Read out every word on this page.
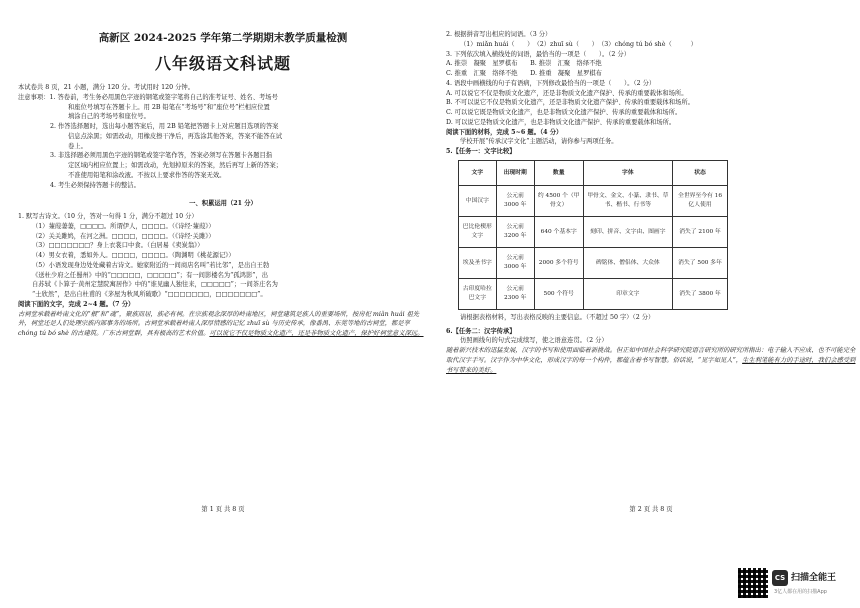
高新区 2024-2025 学年第二学期期末教学质量检测
八年级语文科试题
本试卷共 8 页，21 小题，满分 120 分。考试用时 120 分钟。
注意事项：1. 答卷前，考生务必用黑色字迹的钢笔或签字笔将自己的准考证号、姓名、考场号
和座位号填写在答题卡上。用 2B 铅笔在“考场号”和“座位号”栏相应位置
填涂自己的考场号和座位号。
2. 作答选择题时，选出每小题答案后，用 2B 铅笔把答题卡上对应题目选项的答案
信息点涂黑；如需改动，用橡皮擦干净后，再选涂其他答案，答案不能答在试
卷上。
3. 非选择题必须用黑色字迹的钢笔或签字笔作答，答案必须写在答题卡各题目指
定区域内相应位置上；如需改动，先划掉原来的答案，然后再写上新的答案；
不准使用铅笔和涂改液。不按以上要求作答的答案无效。
4. 考生必须保持答题卡的整洁。
一、积累运用（21 分）
1. 默写古诗文。（10 分，答对一句得 1 分，满分不超过 10 分）
（1）蒹葭萋萋，□□□□。所谓伊人，□□□□。（《诗经·蒹葭》）
（2）关关雎鸠，在河之洲。□□□□，□□□□。（《诗经·关雎》）
（3）□□□□□□□？身上衣裳口中食。（白居易《卖炭翁》）
（4）男女衣着，悉如外人。□□□□，□□□□。（陶渊明《桃花源记》）
（5）小语发现身边处处藏着古诗文。她家附近的一间商店名叫“若比邻”，是出自王勃
《送杜少府之任蜀州》中的“□□□□□，□□□□□”；有一间影楼名为“孤鸿影”，出
自苏轼《卜算子·黄州定慧院寓居作》中的“谁见幽人独往来，□□□□□”；一间茶庄名为
“士欣然”，是出自杜甫的《茅屋为秋风所破歌》“□□□□□□□，□□□□□□□”。
阅读下面的文字，完成 2~4 题。（7 分）
古祠堂承载着岭南文化的“根”和“魂”，聚族而居，族必有祠。在宗族观念深厚的岭南地区，祠堂建筑是族人的重要场所，按房祀 miǎn huái 祖先外，祠堂还是人们处理宗族内部事务的场所。古祠堂承载着岭南人深厚情感的记忆 zhuī sù 与历史传承，像番禺、东莞等地的古祠堂，都是享 chóng tú bó shè 的古建筑。广东古祠堂群，具有极高的艺术价值。可以说它不仅是物质文化遗产，还是非物质文化遗产，保护好祠堂意义深远。
第 1 页 共 8 页
2. 根据拼音写出相应的词语。（3 分）
（1）miǎn huái（　　）　（2）zhuī sù（　　）　（3）chóng tú bó shè（　　　）
3. 下列依次填入横线处的词语，最恰当的一项是（　　）。（2 分）
A. 推崇　凝聚　星罗棋布　　B. 推崇　汇聚　络绎不绝
C. 推重　汇聚　络绎不绝　　D. 推重　凝聚　星罗棋布
4. 语段中画横线的句子有语病，下列修改最恰当的一项是（　　）。（2 分）
A. 可以说它不仅是物质文化遗产，还是非物质文化遗产保护、传承的重要载体和场所。
B. 不可以说它不仅是物质文化遗产，还是非物质文化遗产保护、传承的重要载体和场所。
C. 可以说它既是物质文化遗产，也是非物质文化遗产保护、传承的重要载体和场所。
D. 可以说它是物质文化遗产，也是非物质文化遗产保护、传承的重要载体和场所。
阅读下面的材料，完成 5~6 题。（4 分）
学校开展“传承汉字文化”主题活动，请你参与两项任务。
5.【任务一：文字比较】
文字	出现时期	数量	字体	状态
中国汉字	公元前 3000 年	约 4500 个（甲骨文）	甲骨文、金文、小篆、隶书、草书、楷书、行书等	全世界至今有 16 亿人使用
巴比伦楔形文字	公元前 3200 年	640 个基本字	刻印、拼音、文字由、图画字	消失了 2100 年
埃及圣书字	公元前 3000 年	2000 多个符号	碑铭体、僧侣体、大众体	消失了 500 多年
古印度哈拉巴文字	公元前 2300 年	500 个符号	印章文字	消失了 3800 年
请根据表格材料，写出表格反映的主要信息。（不超过 50 字）（2 分）
6.【任务二：汉字传承】
仿照画线句的句式完成续写，使之语意连贯。（2 分）
随着新兴技术的迅猛发展，汉字的书写和使用面临着新挑战。但正如中国社会科学研究院语言研究所的研究所指出：电子输入不应成、也不可能完全取代汉字手写。汉字作为中华文化，形成汉字的每一个构件，都蕴含着书写智慧。俗话说，“见字如见人”，生生利笔能有力的手途时，我们会感受到书写带来的美好。
第 2 页 共 8 页
CS 扫描全能王
3亿人都在用的扫描App
